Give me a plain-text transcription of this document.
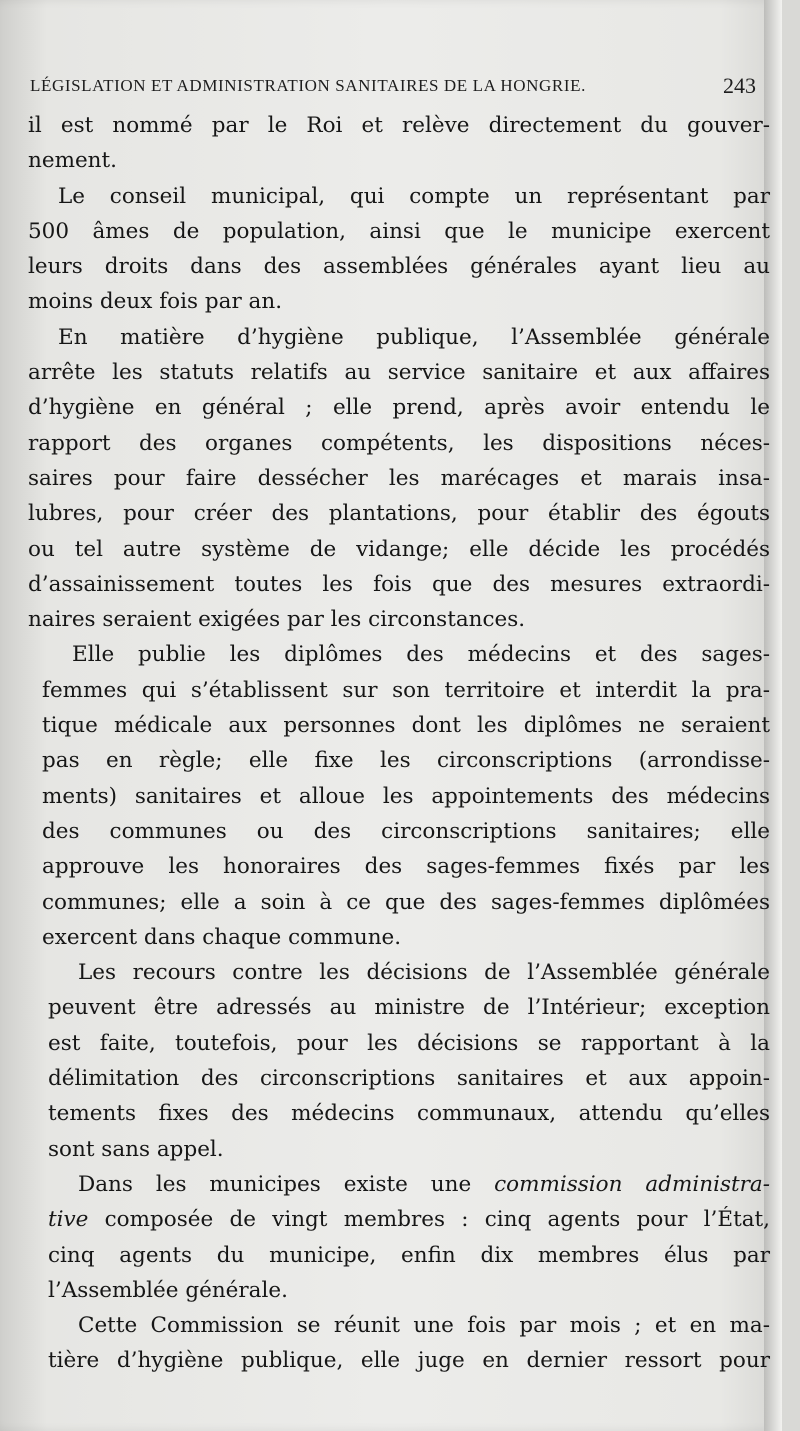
LÉGISLATION ET ADMINISTRATION SANITAIRES DE LA HONGRIE.	243
il est nommé par le Roi et relève directement du gouver-
nement.
Le conseil municipal, qui compte un représentant par
500 âmes de population, ainsi que le municipe exercent
leurs droits dans des assemblées générales ayant lieu au
moins deux fois par an.
En matière d’hygiène publique, l’Assemblée générale
arrête les statuts relatifs au service sanitaire et aux affaires
d’hygiène en général ; elle prend, après avoir entendu le
rapport des organes compétents, les dispositions néces-
saires pour faire dessécher les marécages et marais insa-
lubres, pour créer des plantations, pour établir des égouts
ou tel autre système de vidange; elle décide les procédés
d’assainissement toutes les fois que des mesures extraordi-
naires seraient exigées par les circonstances.
Elle publie les diplômes des médecins et des sages-
femmes qui s’établissent sur son territoire et interdit la pra-
tique médicale aux personnes dont les diplômes ne seraient
pas en règle; elle fixe les circonscriptions (arrondisse-
ments) sanitaires et alloue les appointements des médecins
des communes ou des circonscriptions sanitaires; elle
approuve les honoraires des sages-femmes fixés par les
communes; elle a soin à ce que des sages-femmes diplômées
exercent dans chaque commune.
Les recours contre les décisions de l’Assemblée générale
peuvent être adressés au ministre de l’Intérieur; exception
est faite, toutefois, pour les décisions se rapportant à la
délimitation des circonscriptions sanitaires et aux appoin-
tements fixes des médecins communaux, attendu qu’elles
sont sans appel.
Dans les municipes existe une commission administra-
tive composée de vingt membres : cinq agents pour l’État,
cinq agents du municipe, enfin dix membres élus par
l’Assemblée générale.
Cette Commission se réunit une fois par mois ; et en ma-
tière d’hygiène publique, elle juge en dernier ressort pour
